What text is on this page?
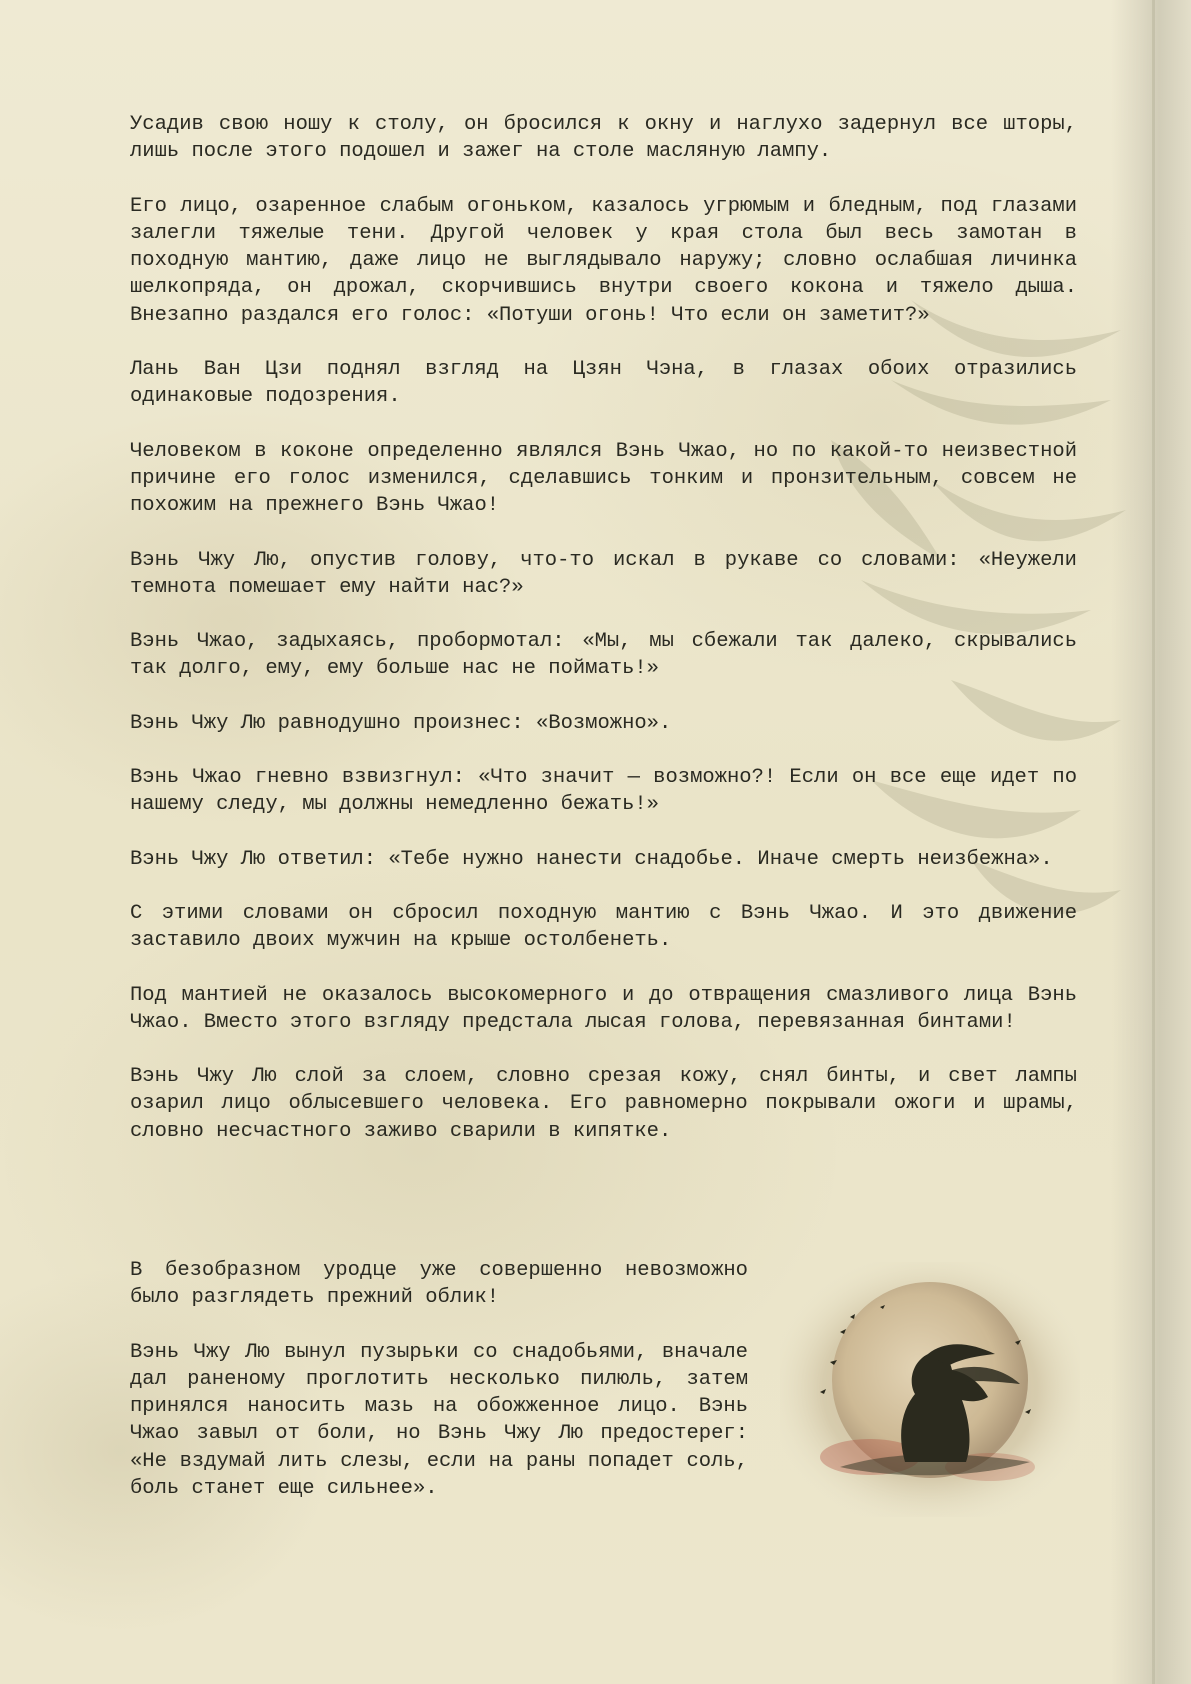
Усадив свою ношу к столу, он бросился к окну и наглухо задернул все шторы, лишь после этого подошел и зажег на столе масляную лампу.

Его лицо, озаренное слабым огоньком, казалось угрюмым и бледным, под глазами залегли тяжелые тени. Другой человек у края стола был весь замотан в походную мантию, даже лицо не выглядывало наружу; словно ослабшая личинка шелкопряда, он дрожал, скорчившись внутри своего кокона и тяжело дыша. Внезапно раздался его голос: «Потуши огонь! Что если он заметит?»

Лань Ван Цзи поднял взгляд на Цзян Чэна, в глазах обоих отразились одинаковые подозрения.

Человеком в коконе определенно являлся Вэнь Чжао, но по какой-то неизвестной причине его голос изменился, сделавшись тонким и пронзительным, совсем не похожим на прежнего Вэнь Чжао!

Вэнь Чжу Лю, опустив голову, что-то искал в рукаве со словами: «Неужели темнота помешает ему найти нас?»

Вэнь Чжао, задыхаясь, пробормотал: «Мы, мы сбежали так далеко, скрывались так долго, ему, ему больше нас не поймать!»

Вэнь Чжу Лю равнодушно произнес: «Возможно».

Вэнь Чжао гневно взвизгнул: «Что значит — возможно?! Если он все еще идет по нашему следу, мы должны немедленно бежать!»

Вэнь Чжу Лю ответил: «Тебе нужно нанести снадобье. Иначе смерть неизбежна».

С этими словами он сбросил походную мантию с Вэнь Чжао. И это движение заставило двоих мужчин на крыше остолбенеть.

Под мантией не оказалось высокомерного и до отвращения смазливого лица Вэнь Чжао. Вместо этого взгляду предстала лысая голова, перевязанная бинтами!

Вэнь Чжу Лю слой за слоем, словно срезая кожу, снял бинты, и свет лампы озарил лицо облысевшего человека. Его равномерно покрывали ожоги и шрамы, словно несчастного заживо сварили в кипятке.

В безобразном уродце уже совершенно невозможно было разглядеть прежний облик!

Вэнь Чжу Лю вынул пузырьки со снадобьями, вначале дал раненому проглотить несколько пилюль, затем принялся наносить мазь на обожженное лицо. Вэнь Чжао завыл от боли, но Вэнь Чжу Лю предостерег: «Не вздумай лить слезы, если на раны попадет соль, боль станет еще сильнее».
